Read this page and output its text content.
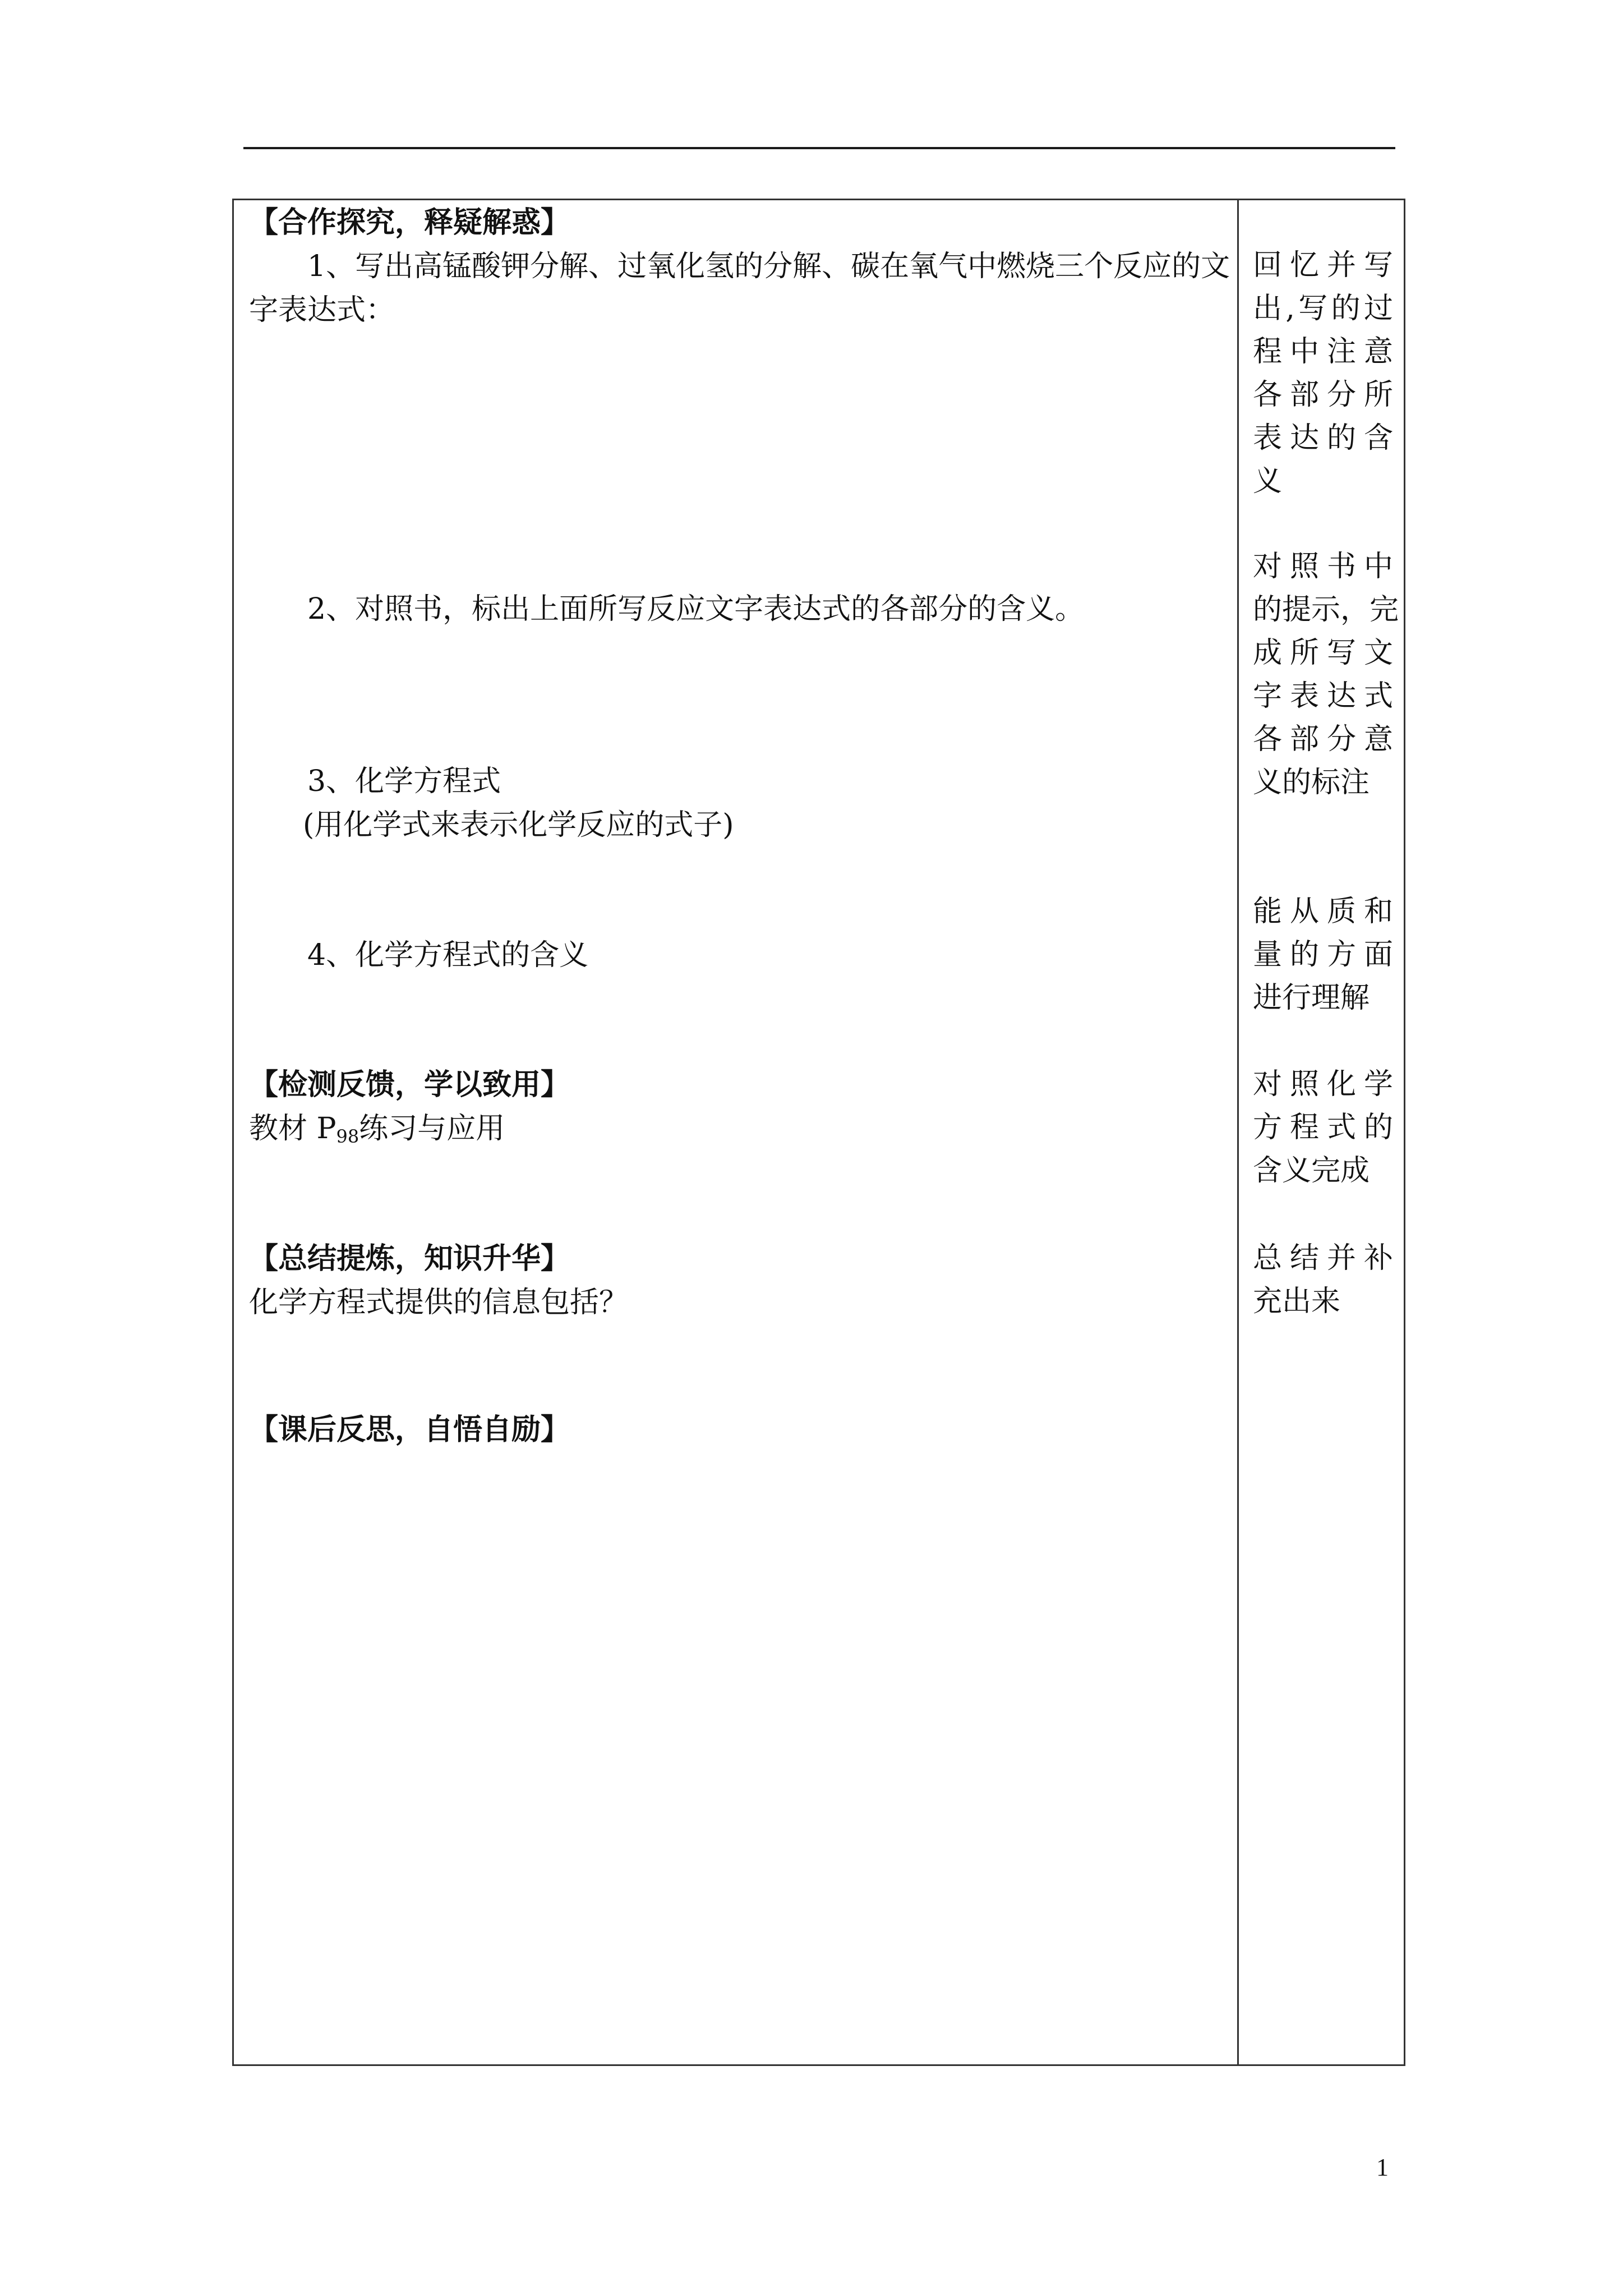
【合作探究，释疑解惑】

1、写出高锰酸钾分解、过氧化氢的分解、碳在氧气中燃烧三个反应的文
字表达式：

2、对照书，标出上面所写反应文字表达式的各部分的含义。

3、化学方程式
(用化学式来表示化学反应的式子)

4、化学方程式的含义

【检测反馈，学以致用】

教材 $P_{98}$练习与应用

【总结提炼，知识升华】

化学方程式提供的信息包括？

【课后反思，自悟自励】

回忆并写
出,写的过
程中注意
各部分所
表达的含
义
对照书中
的提示，完
成所写文
字表达式
各部分意
义的标注
能从质和
量的方面
进行理解
对照化学
方程式的
含义完成
总结并补
充出来
1
